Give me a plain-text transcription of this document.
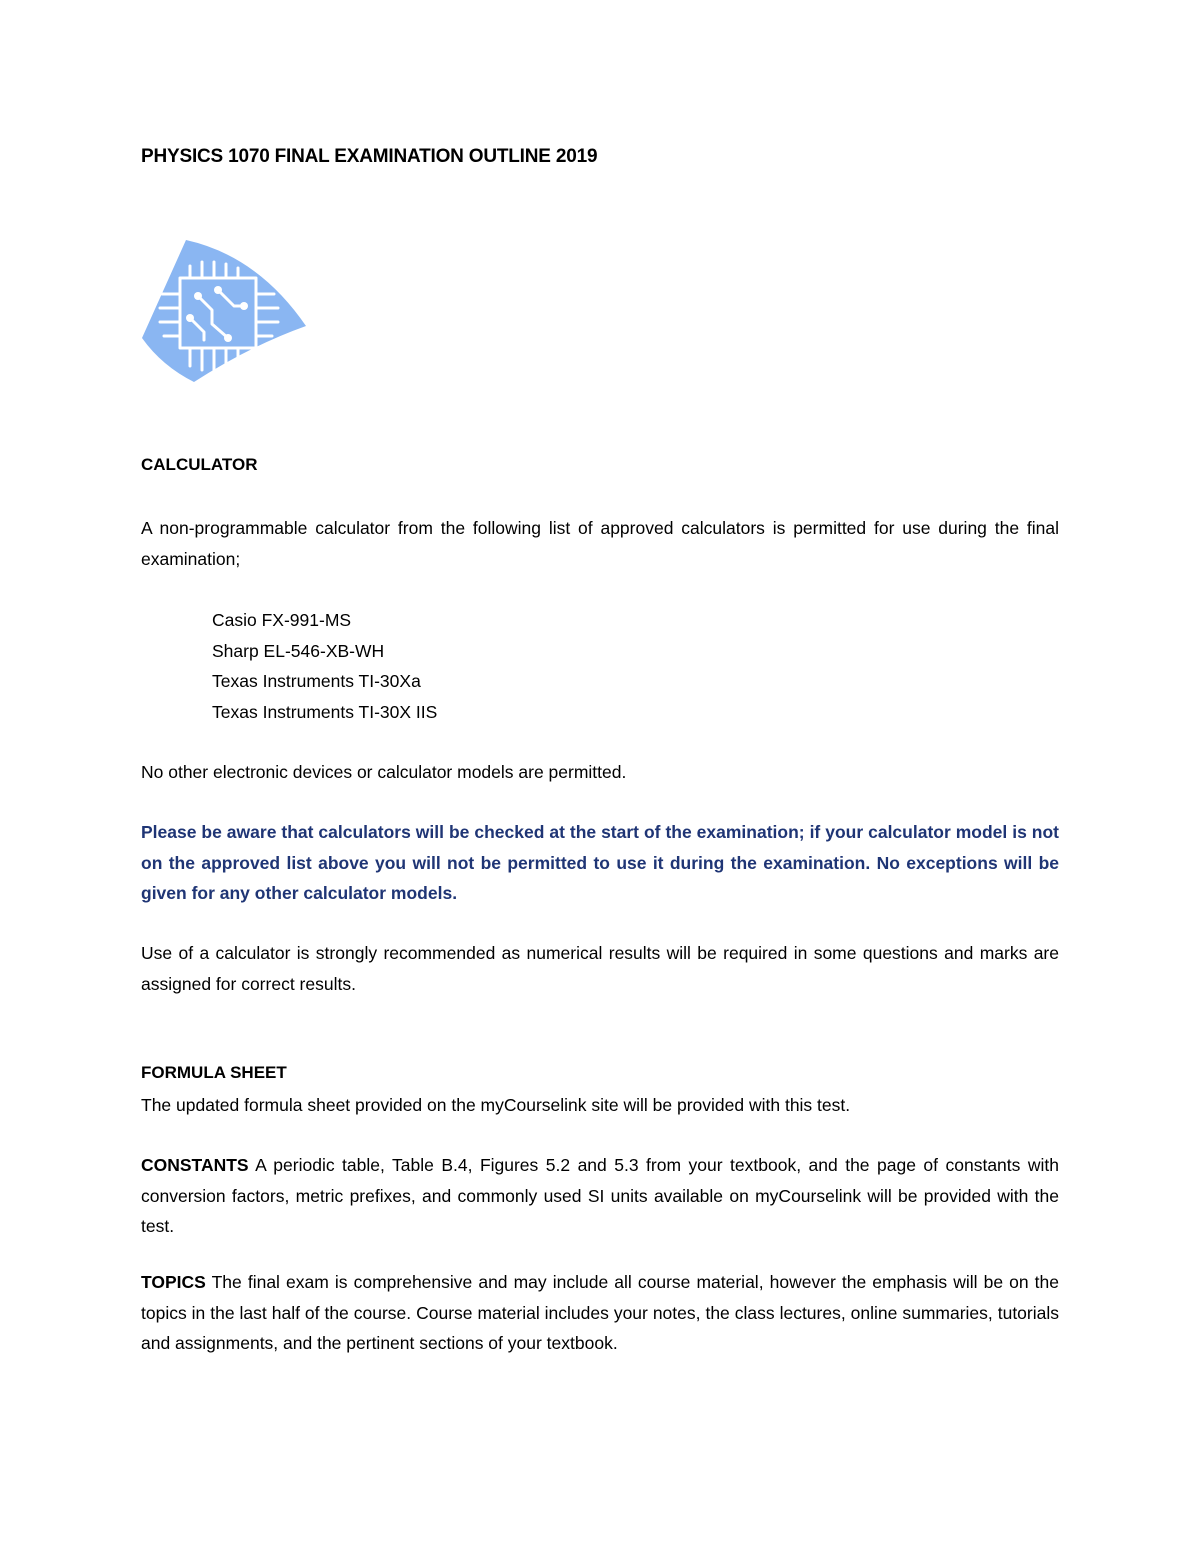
PHYSICS 1070 FINAL EXAMINATION OUTLINE 2019
CALCULATOR
A non-programmable calculator from the following list of approved calculators is permitted for use during the final examination;
Casio FX-991-MS
Sharp EL-546-XB-WH
Texas Instruments TI-30Xa
Texas Instruments TI-30X IIS
No other electronic devices or calculator models are permitted.
Please be aware that calculators will be checked at the start of the examination; if your calculator model is not on the approved list above you will not be permitted to use it during the examination. No exceptions will be given for any other calculator models.
Use of a calculator is strongly recommended as numerical results will be required in some questions and marks are assigned for correct results.
FORMULA SHEET
The updated formula sheet provided on the myCourselink site will be provided with this test.
CONSTANTS A periodic table, Table B.4, Figures 5.2 and 5.3 from your textbook, and the page of constants with conversion factors, metric prefixes, and commonly used SI units available on myCourselink will be provided with the test.
TOPICS The final exam is comprehensive and may include all course material, however the emphasis will be on the topics in the last half of the course. Course material includes your notes, the class lectures, online summaries, tutorials and assignments, and the pertinent sections of your textbook.
